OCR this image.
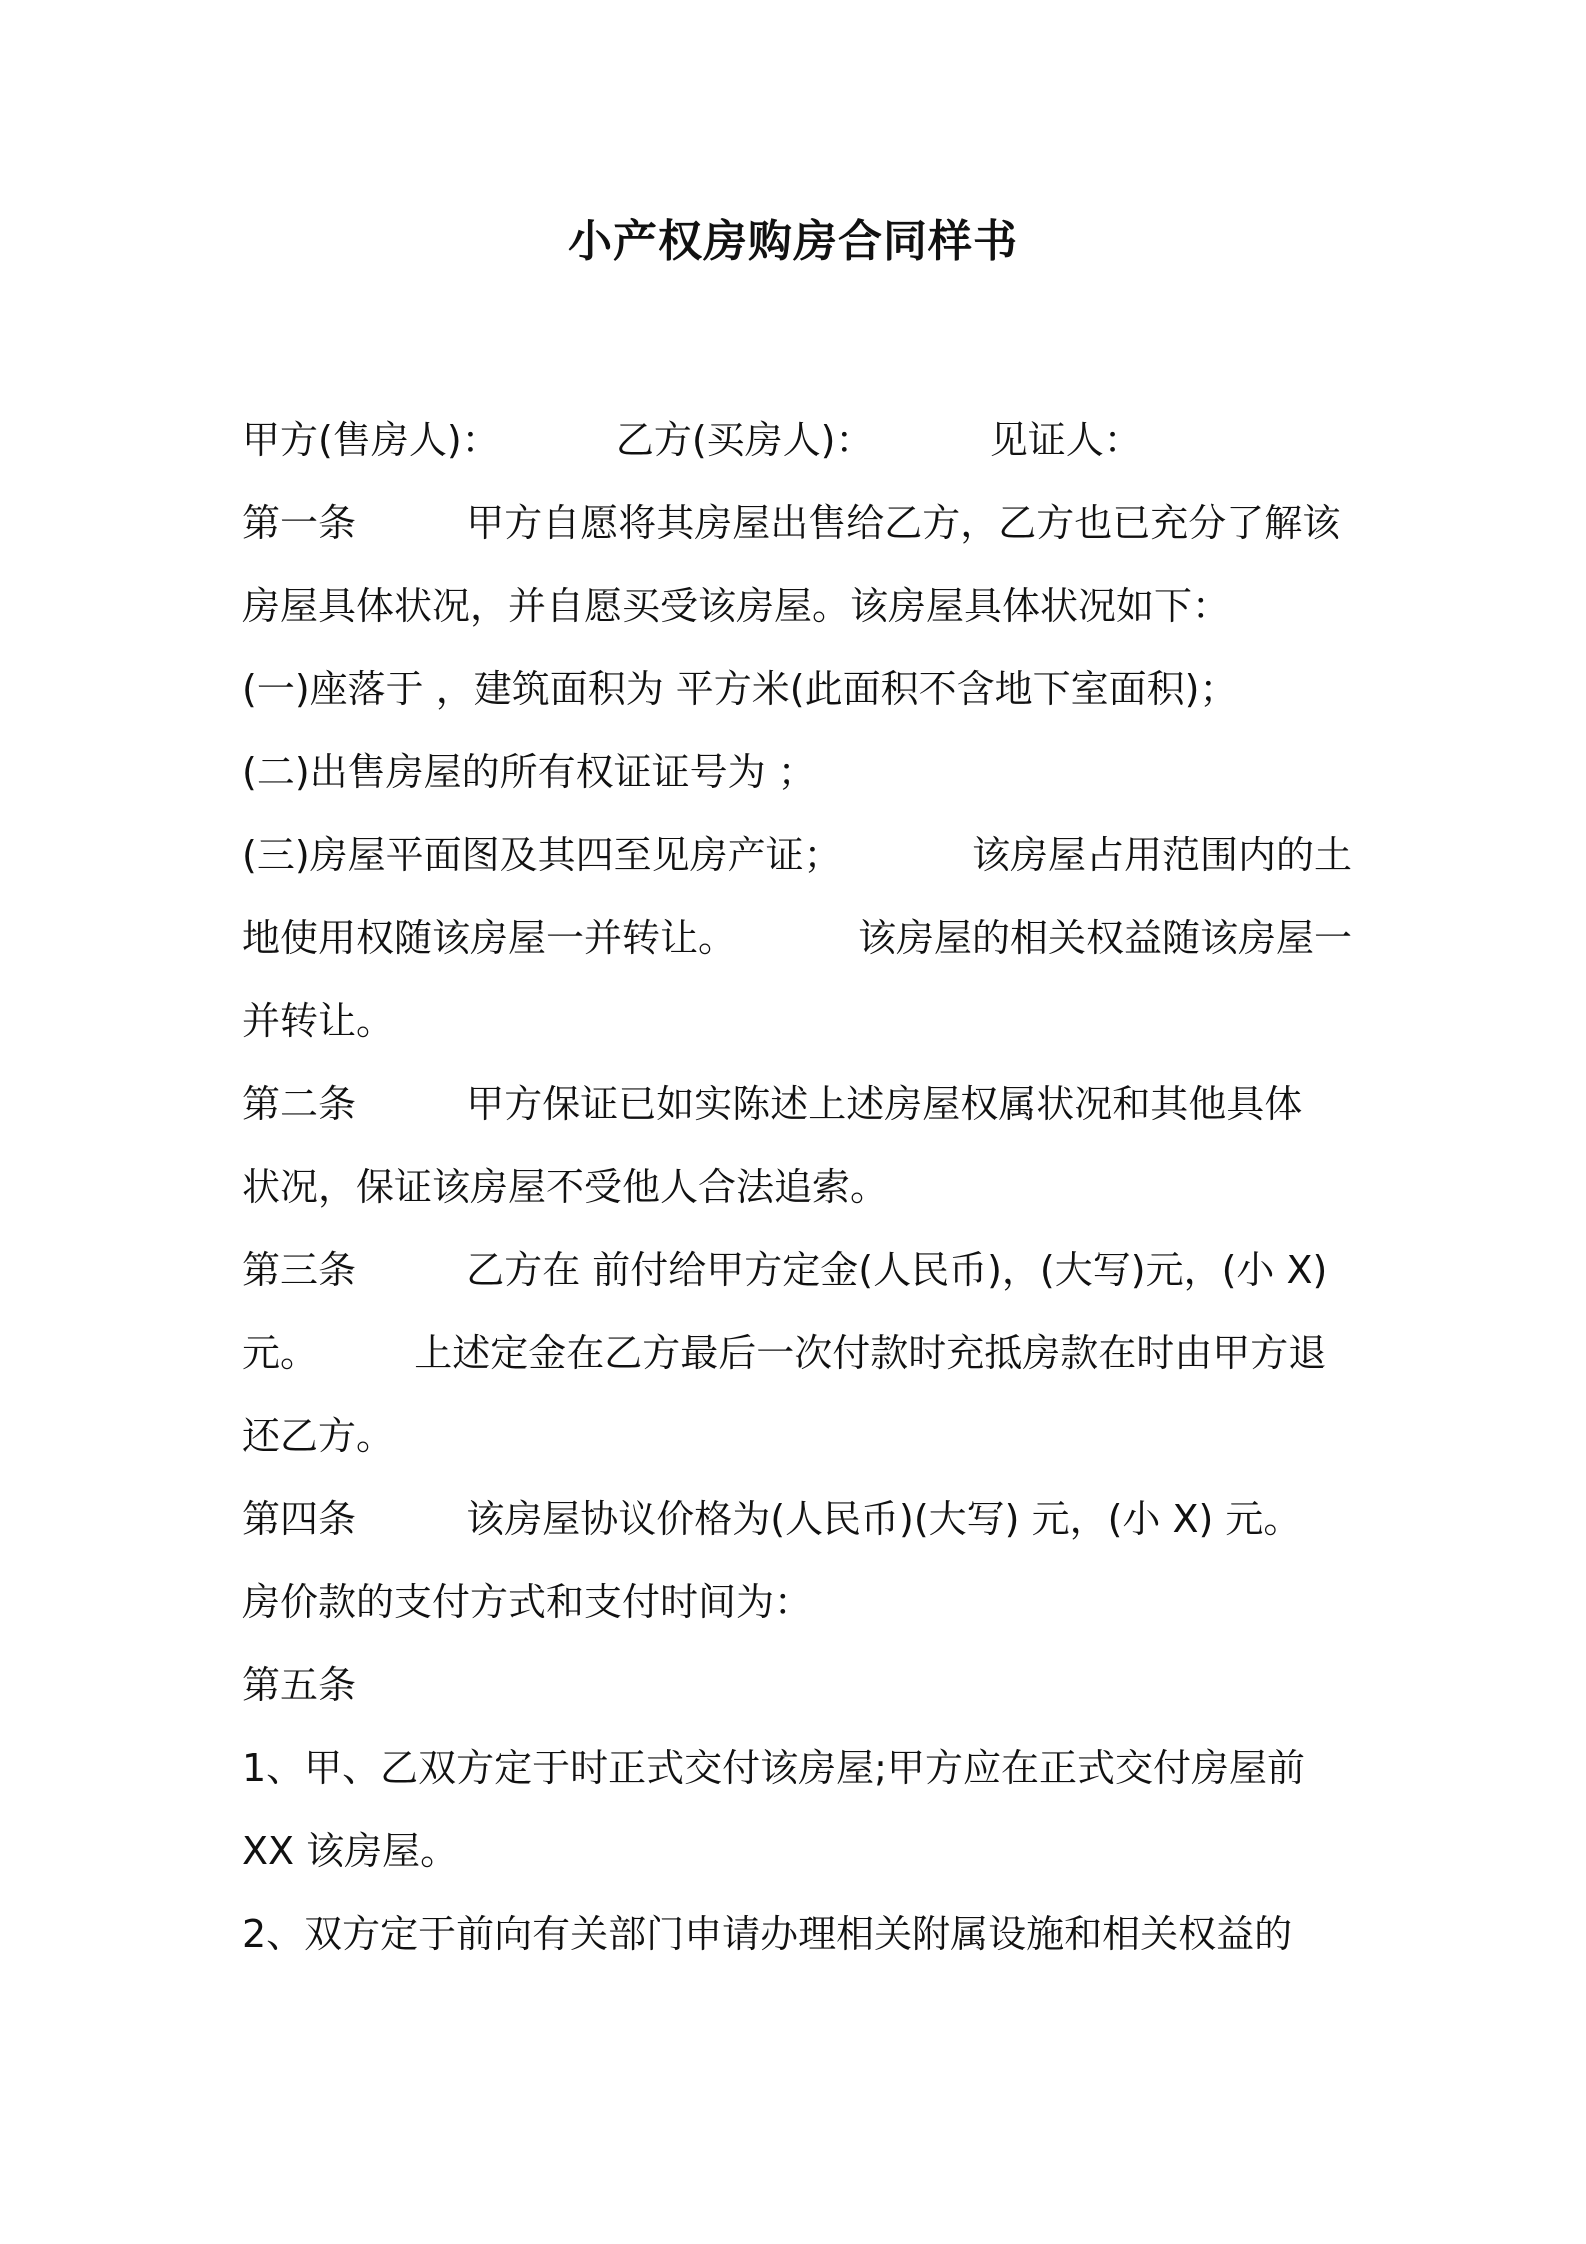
小产权房购房合同样书
甲方(售房人)：	乙方(买房人)：	见证人：
第一条	甲方自愿将其房屋出售给乙方，乙方也已充分了解该
房屋具体状况，并自愿买受该房屋。该房屋具体状况如下：
(一)座落于 ，建筑面积为 平方米(此面积不含地下室面积)；
(二)出售房屋的所有权证证号为 ；
(三)房屋平面图及其四至见房产证；	该房屋占用范围内的土
地使用权随该房屋一并转让。	该房屋的相关权益随该房屋一
并转让。
第二条	甲方保证已如实陈述上述房屋权属状况和其他具体
状况，保证该房屋不受他人合法追索。
第三条	乙方在 前付给甲方定金(人民币)，(大写)元，(小 X)
元。	上述定金在乙方最后一次付款时充抵房款在时由甲方退
还乙方。
第四条	该房屋协议价格为(人民币)(大写) 元，(小 X) 元。
房价款的支付方式和支付时间为：
第五条
1、甲、乙双方定于时正式交付该房屋;甲方应在正式交付房屋前
XX 该房屋。
2、双方定于前向有关部门申请办理相关附属设施和相关权益的
